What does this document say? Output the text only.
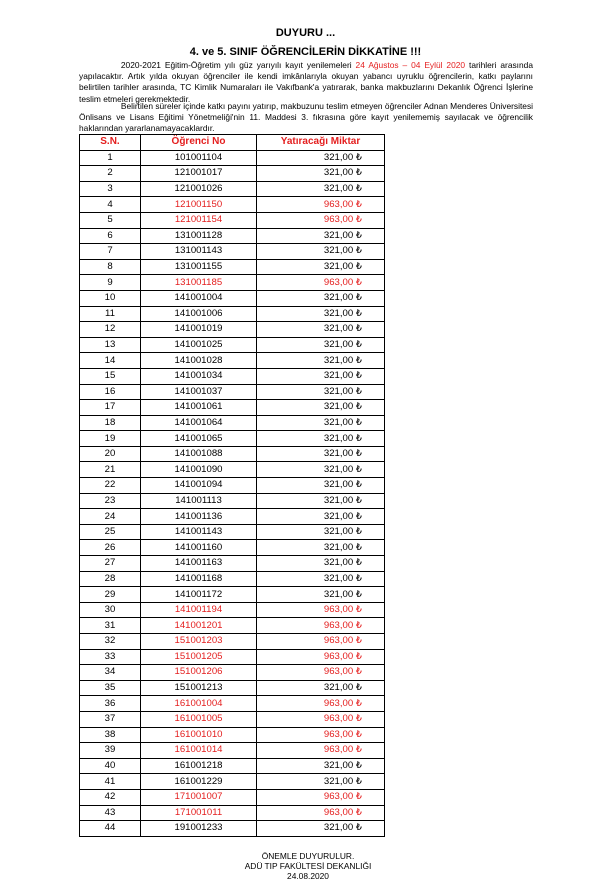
DUYURU ...
4. ve 5. SINIF ÖĞRENCİLERİN DİKKATİNE !!!
     2020-2021 Eğitim-Öğretim yılı güz yarıyılı kayıt yenilemeleri 24 Ağustos – 04 Eylül 2020 tarihleri arasında yapılacaktır. Artık yılda okuyan öğrenciler ile kendi imkânlarıyla okuyan yabancı uyruklu öğrencilerin, katkı paylarını belirtilen tarihler arasında, TC Kimlik Numaraları ile Vakıfbank'a yatırarak, banka makbuzlarını Dekanlık Öğrenci İşlerine teslim etmeleri gerekmektedir.
     Belirtilen süreler içinde katkı payını yatırıp, makbuzunu teslim etmeyen öğrenciler Adnan Menderes Üniversitesi Önlisans ve Lisans Eğitimi Yönetmeliği'nin 11. Maddesi 3. fıkrasına göre kayıt yenilememiş sayılacak ve öğrencilik haklarından yararlanamayacaklardır.
S.N.	Öğrenci No	Yatıracağı Miktar
1	101001104	321,00 ₺
2	121001017	321,00 ₺
3	121001026	321,00 ₺
4	121001150	963,00 ₺
5	121001154	963,00 ₺
6	131001128	321,00 ₺
7	131001143	321,00 ₺
8	131001155	321,00 ₺
9	131001185	963,00 ₺
10	141001004	321,00 ₺
11	141001006	321,00 ₺
12	141001019	321,00 ₺
13	141001025	321,00 ₺
14	141001028	321,00 ₺
15	141001034	321,00 ₺
16	141001037	321,00 ₺
17	141001061	321,00 ₺
18	141001064	321,00 ₺
19	141001065	321,00 ₺
20	141001088	321,00 ₺
21	141001090	321,00 ₺
22	141001094	321,00 ₺
23	141001113	321,00 ₺
24	141001136	321,00 ₺
25	141001143	321,00 ₺
26	141001160	321,00 ₺
27	141001163	321,00 ₺
28	141001168	321,00 ₺
29	141001172	321,00 ₺
30	141001194	963,00 ₺
31	141001201	963,00 ₺
32	151001203	963,00 ₺
33	151001205	963,00 ₺
34	151001206	963,00 ₺
35	151001213	321,00 ₺
36	161001004	963,00 ₺
37	161001005	963,00 ₺
38	161001010	963,00 ₺
39	161001014	963,00 ₺
40	161001218	321,00 ₺
41	161001229	321,00 ₺
42	171001007	963,00 ₺
43	171001011	963,00 ₺
44	191001233	321,00 ₺
ÖNEMLE DUYURULUR.
ADÜ TIP FAKÜLTESİ DEKANLIĞI
24.08.2020
